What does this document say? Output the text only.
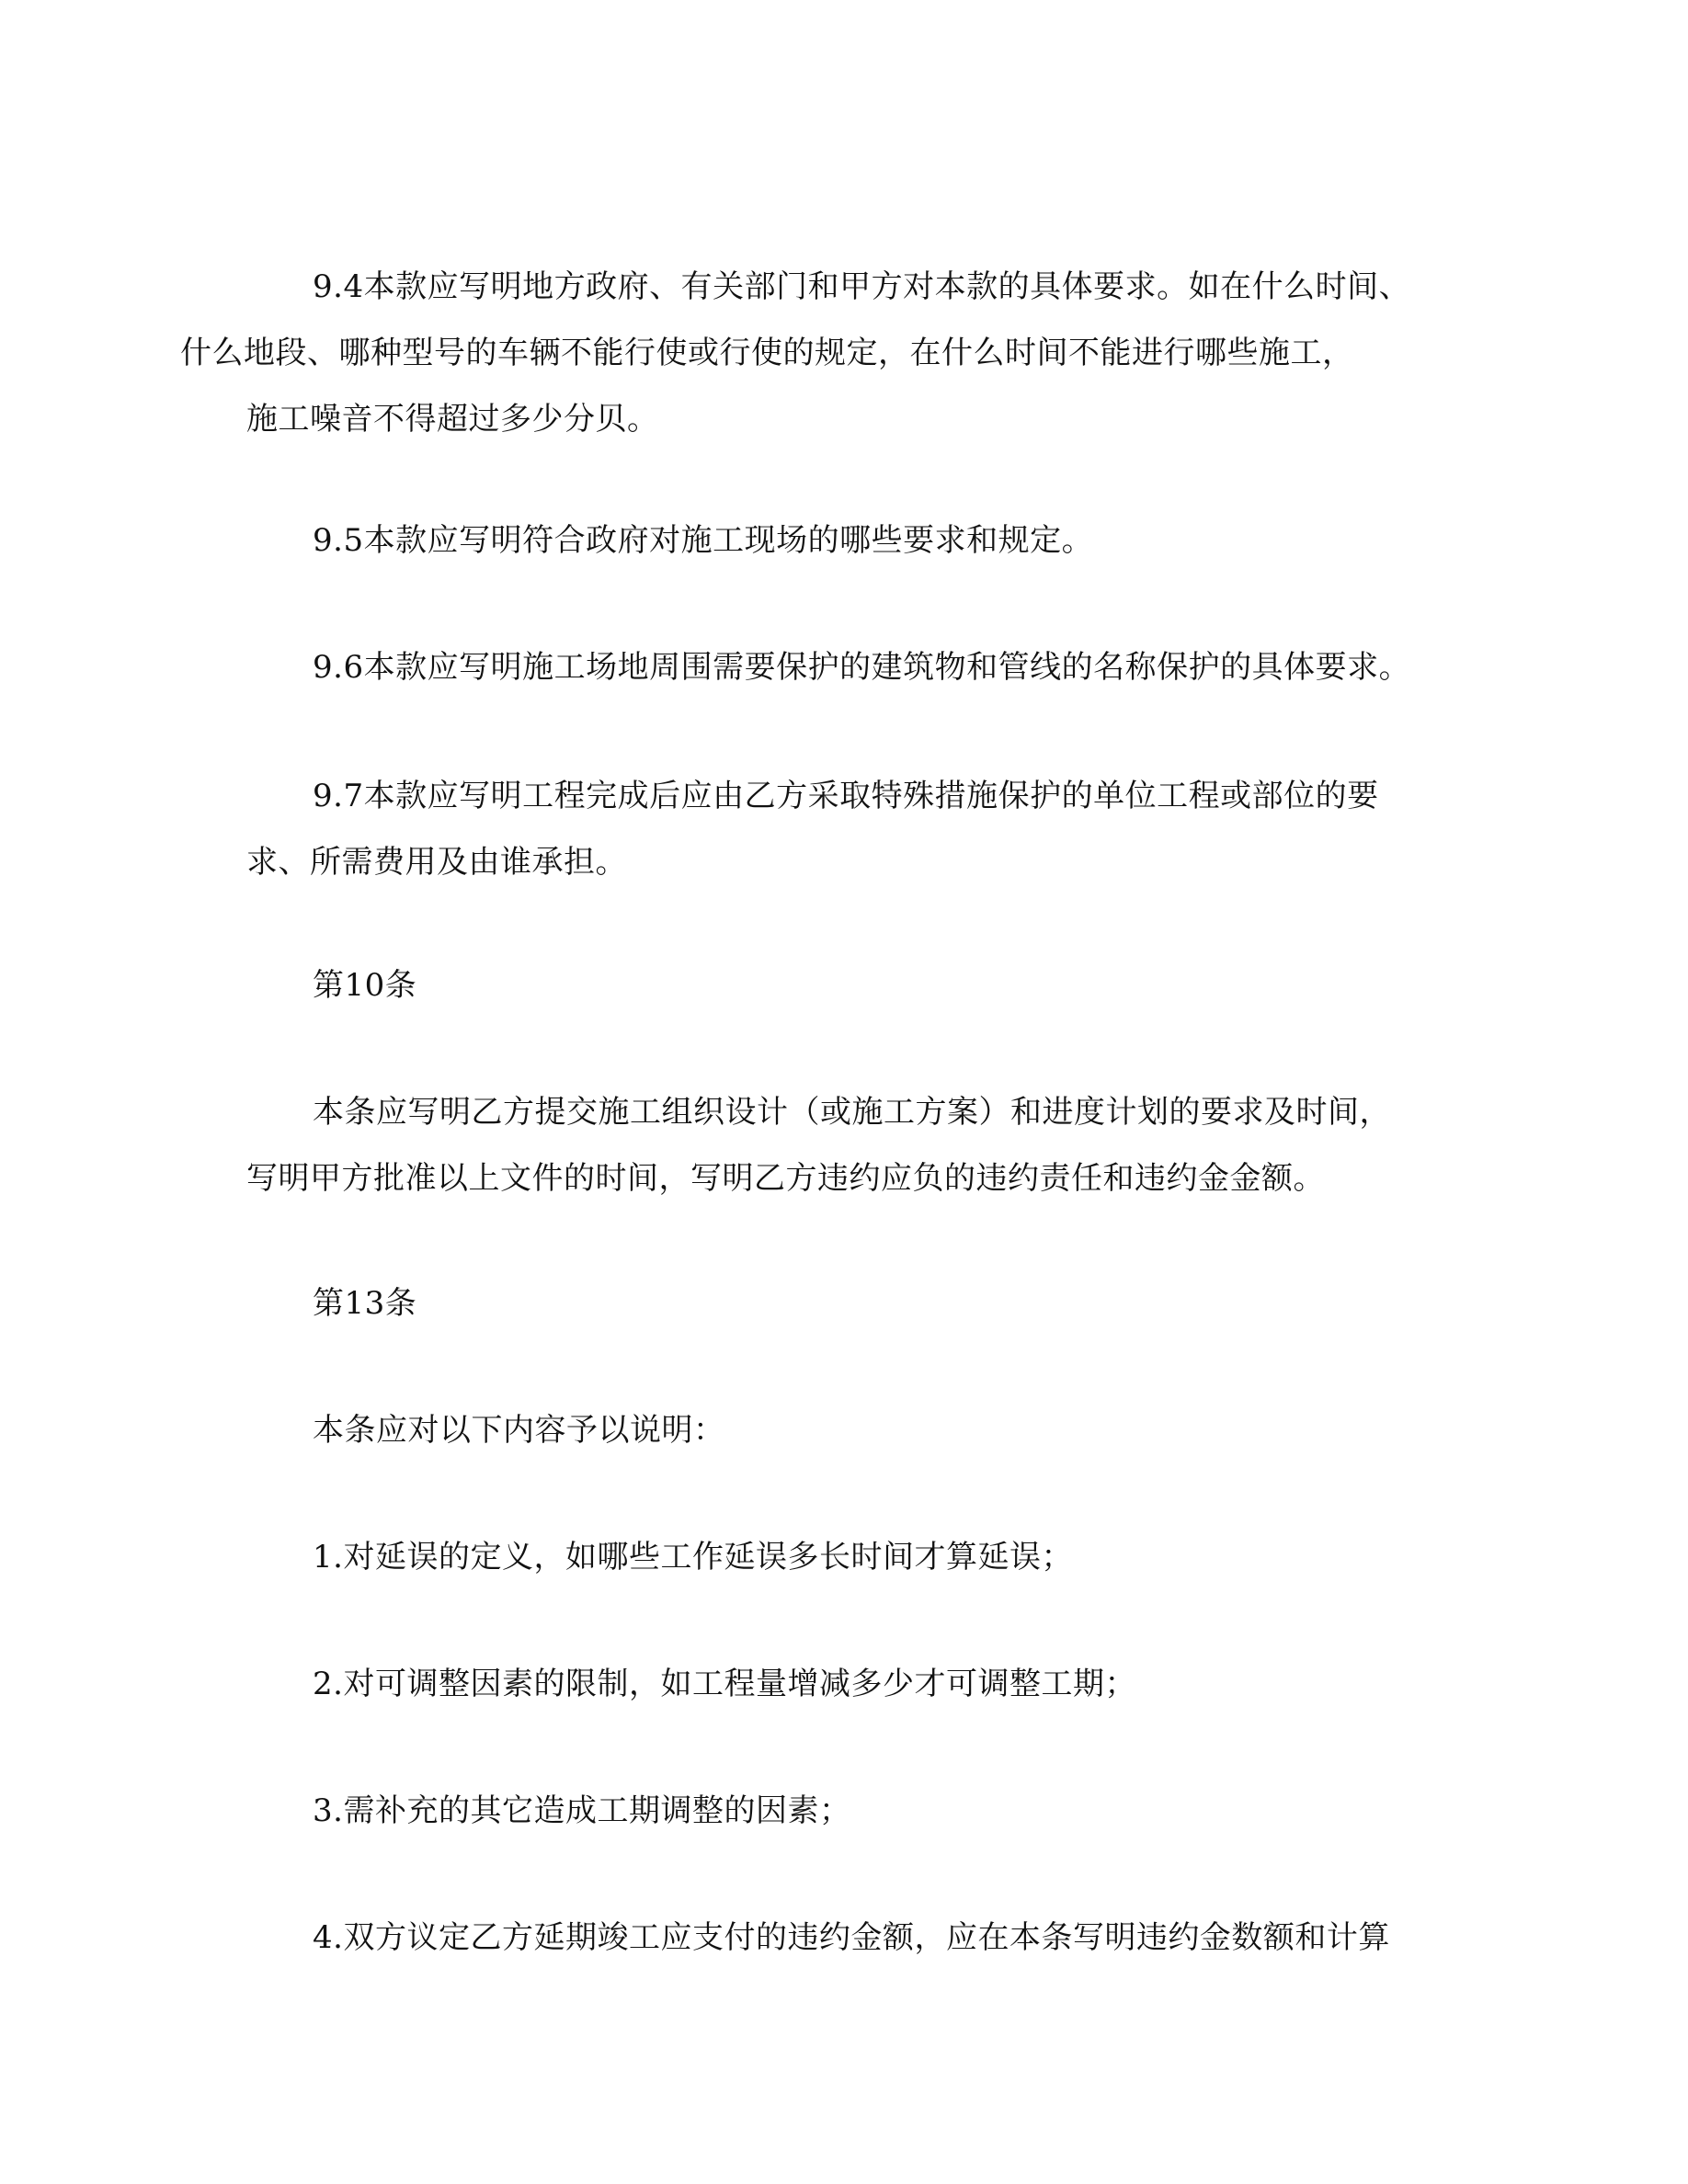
9.4本款应写明地方政府、有关部门和甲方对本款的具体要求。如在什么时间、
什么地段、哪种型号的车辆不能行使或行使的规定，在什么时间不能进行哪些施工，
施工噪音不得超过多少分贝。

9.5本款应写明符合政府对施工现场的哪些要求和规定。

9.6本款应写明施工场地周围需要保护的建筑物和管线的名称保护的具体要求。

9.7本款应写明工程完成后应由乙方采取特殊措施保护的单位工程或部位的要
求、所需费用及由谁承担。

第10条

本条应写明乙方提交施工组织设计（或施工方案）和进度计划的要求及时间，
写明甲方批准以上文件的时间，写明乙方违约应负的违约责任和违约金金额。

第13条

本条应对以下内容予以说明：

1.对延误的定义，如哪些工作延误多长时间才算延误；

2.对可调整因素的限制，如工程量增减多少才可调整工期；

3.需补充的其它造成工期调整的因素；

4.双方议定乙方延期竣工应支付的违约金额，应在本条写明违约金数额和计算
